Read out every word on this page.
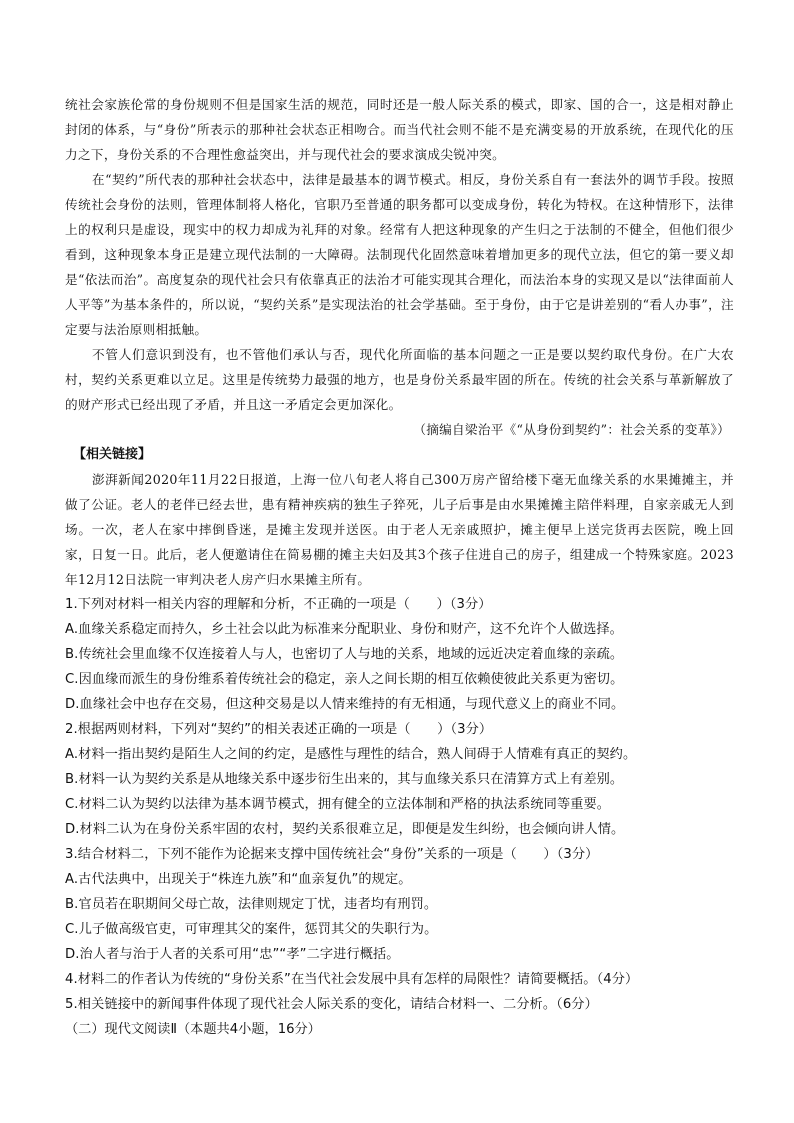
统社会家族伦常的身份规则不但是国家生活的规范，同时还是一般人际关系的模式，即家、国的合一，这是相对静止封闭的体系，与“身份”所表示的那种社会状态正相吻合。而当代社会则不能不是充满变易的开放系统，在现代化的压力之下，身份关系的不合理性愈益突出，并与现代社会的要求演成尖锐冲突。

在“契约”所代表的那种社会状态中，法律是最基本的调节模式。相反，身份关系自有一套法外的调节手段。按照传统社会身份的法则，管理体制将人格化，官职乃至普通的职务都可以变成身份，转化为特权。在这种情形下，法律上的权利只是虚设，现实中的权力却成为礼拜的对象。经常有人把这种现象的产生归之于法制的不健全，但他们很少看到，这种现象本身正是建立现代法制的一大障碍。法制现代化固然意味着增加更多的现代立法，但它的第一要义却是“依法而治”。高度复杂的现代社会只有依靠真正的法治才可能实现其合理化，而法治本身的实现又是以“法律面前人人平等”为基本条件的，所以说，“契约关系”是实现法治的社会学基础。至于身份，由于它是讲差别的“看人办事”，注定要与法治原则相抵触。

不管人们意识到没有，也不管他们承认与否，现代化所面临的基本问题之一正是要以契约取代身份。在广大农村，契约关系更难以立足。这里是传统势力最强的地方，也是身份关系最牢固的所在。传统的社会关系与革新解放了的财产形式已经出现了矛盾，并且这一矛盾定会更加深化。

（摘编自梁治平《“从身份到契约”：社会关系的变革》）

【相关链接】

澎湃新闻2020年11月22日报道，上海一位八旬老人将自己300万房产留给楼下毫无血缘关系的水果摊摊主，并做了公证。老人的老伴已经去世，患有精神疾病的独生子猝死，儿子后事是由水果摊摊主陪伴料理，自家亲戚无人到场。一次，老人在家中摔倒昏迷，是摊主发现并送医。由于老人无亲戚照护，摊主便早上送完货再去医院，晚上回家，日复一日。此后，老人便邀请住在简易棚的摊主夫妇及其3个孩子住进自己的房子，组建成一个特殊家庭。2023年12月12日法院一审判决老人房产归水果摊主所有。

1.下列对材料一相关内容的理解和分析，不正确的一项是（　　）（3分）

A.血缘关系稳定而持久，乡土社会以此为标准来分配职业、身份和财产，这不允许个人做选择。

B.传统社会里血缘不仅连接着人与人，也密切了人与地的关系，地域的远近决定着血缘的亲疏。

C.因血缘而派生的身份维系着传统社会的稳定，亲人之间长期的相互依赖使彼此关系更为密切。

D.血缘社会中也存在交易，但这种交易是以人情来维持的有无相通，与现代意义上的商业不同。

2.根据两则材料，下列对“契约”的相关表述正确的一项是（　　）（3分）

A.材料一指出契约是陌生人之间的约定，是感性与理性的结合，熟人间碍于人情难有真正的契约。

B.材料一认为契约关系是从地缘关系中逐步衍生出来的，其与血缘关系只在清算方式上有差别。

C.材料二认为契约以法律为基本调节模式，拥有健全的立法体制和严格的执法系统同等重要。

D.材料二认为在身份关系牢固的农村，契约关系很难立足，即便是发生纠纷，也会倾向讲人情。

3.结合材料二，下列不能作为论据来支撑中国传统社会“身份”关系的一项是（　　）（3分）

A.古代法典中，出现关于“株连九族”和“血亲复仇”的规定。

B.官员若在职期间父母亡故，法律则规定丁忧，违者均有刑罚。

C.儿子做高级官吏，可审理其父的案件，惩罚其父的失职行为。

D.治人者与治于人者的关系可用“忠”“孝”二字进行概括。

4.材料二的作者认为传统的“身份关系”在当代社会发展中具有怎样的局限性？请简要概括。（4分）

5.相关链接中的新闻事件体现了现代社会人际关系的变化，请结合材料一、二分析。（6分）

（二）现代文阅读Ⅱ（本题共4小题，16分）
